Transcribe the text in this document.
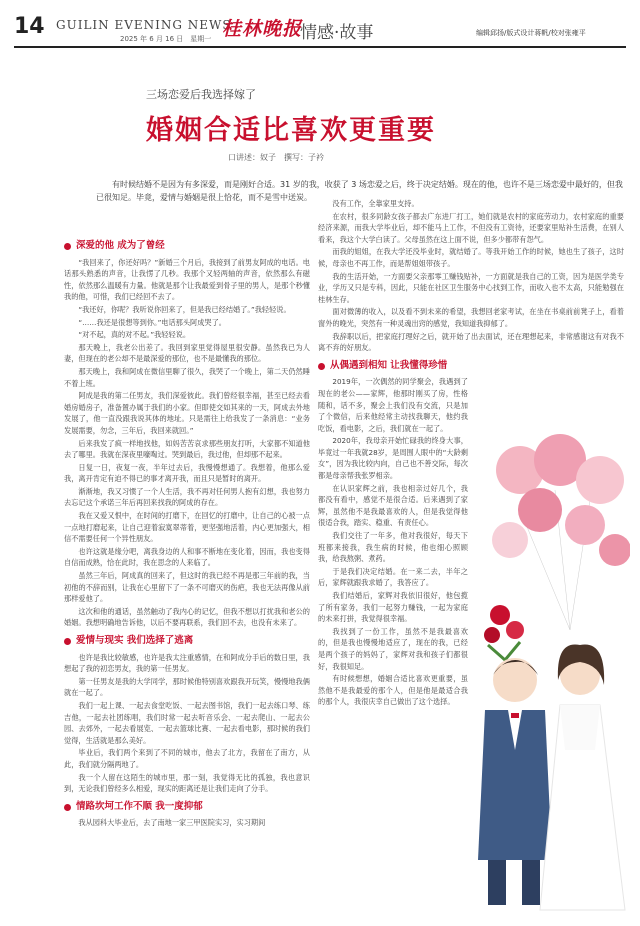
14 GUILIN EVENING NEWS
2025 年 6 月 16 日　星期一 桂林晚报
情感·故事	编辑邱扬/版式设计蒋帆/校对张雍平
三场恋爱后我选择嫁了
婚姻合适比喜欢更重要
口讲述：奴子　撰写：子衿
有时候结婚不是因为有多深爱，而是刚好合适。31 岁的我，收获了 3 场恋爱之后，终于决定结婚。现在的他，也许不是三场恋爱中最好的，但我已很知足。毕竟，爱情与婚姻是很上恰花，而不是雪中送炭。
深爱的他 成为了曾经

“我回来了，你还好吗？”新婚三个月后，我接到了前男友阿成的电话。电话那头熟悉的声音，让我愣了几秒。我那个又轻两轴的声音，依然那么有磁性，依然那么温暖有力量。他就是那个让我最爱到骨子里的男人，是那个秒懂我的他，可惜，我们已经回不去了。

“我还好，你呢？我听说你回来了，但是我已经结婚了。”我轻轻说。

“……我还是很想等到你。”电话那头阿成哭了。

“对不起，真的对不起。”我轻轻说。

那天晚上，我老公出差了。我回到家里觉得屋里很安静。虽然我已为人妻，但现在的老公却不是最深爱的那位，也不是最懂我的那位。

那天晚上，我和阿成在微信里聊了很久，我哭了一个晚上，第二天仍然睡不着上班。

阿成是我的第二任男友，我们深爱彼此。我们曾经很幸福，甚至已经去看婚房婚房子，准备置办属于我们的小家。但即使交如其来的一天，阿成去外地发展了，他一直没跟我说其体的地址。只是需往上给我发了一条消息：“业务发展需要，勿念，三年后，我回来就回。”

后来我发了疯一样地找他，如妈苦苦哀求那些朋友打听，大家都不知道他去了哪里。我就在深夜里嚎啕过。哭到最后，我过他，但却那不起来。

日复一日，夜复一夜，半年过去后，我慢慢想通了。我想着，他那么爱我，离开肯定有迫不得已的事才离开我，而且只是暂时的离开。

渐渐地，我又习惯了一个人生活，我不再对任何男人抱有幻想，我也努力去忘记这个承诺三年后再回来找我的阿成的存在。

我在又爱又恨中，在时间的打磨下，在回忆的打磨中，让自己的心被一点一点地打磨起来，让自己迎着寂寞翠蒂着，更坚强地活着，内心更加强大，相信不需要任何一个异性朋友。

也许这就是缘分吧，离我身边的人和事不断地在变化着，因而，我也变得自信而成熟，恰在此时，我在思念的人来临了。

虽然三年后，阿成真的回来了，但这时的我已经不再是那三年前的我，当初他的不辞而别，让我在心里留下了一条不可磨灭的伤疤，我也无法再像从前那样爱他了。

这次和他的通话，虽然触动了我内心的记忆，但我不想以打扰我和老公的婚姻。我想明确地告诉他，以后不要再联系，我们回不去，也没有未来了。

爱情与现实 我们选择了逃离

也许是我比较敏感，也许是我太注重感情，在和阿成分手后的数日里，我想起了我的初恋男友，我的第一任男友。

第一任男友是我的大学同学，那时候他特别喜欢跟我开玩笑，慢慢地我俩就在一起了。

我们一起上课、一起去食堂吃饭、一起去图书馆，我们一起去练口琴、练吉他，一起去社团练唱，我们时常一起去听音乐会、一起去爬山、一起去公园、去郊外，一起去看展览、一起去篮球比赛、一起去看电影，那时候的我们觉得，生活就是那么美好。

毕业后，我们两个来到了不同的城市，他去了北方，我留在了南方，从此，我们就分隔两地了。

我一个人留在这陌生的城市里，那一刻，我觉得无比的孤独，我也意识到，无论我们曾经多么相爱，现实的距离还是让我们走向了分手。

情路坎坷工作不顺 我一度抑郁

我从园科大毕业后，去了南地一家三甲医院实习，实习期间

没有工作，全靠家里支持。

在农村，很多同龄女孩子都去广东进厂打工，她们就是农村的家庭劳动力，农村家庭的重要经济来源，而我大学毕业后，却不能马上工作，不但没有工资待，还要家里贴补生活费，在别人看来，我这个大学白读了。父母虽然在这上面不说，但多少都带有怨气。

而我的姐姐，在我大学还没毕业时，就结婚了。等我开始工作的时候，她也生了孩子，这时候，母亲也不再工作，而是帮姐姐带孩子。

我的生活开始，一方面要父亲那零工赚钱贴补，一方面就是我自己的工资，因为是医学类专业，学历又只是专科，因此，只能在社区卫生服务中心找到工作，而收入也不太高，只能勉强在桂林生存。

面对微薄的收入，以及看不到未来的希望，我想回老家考试，在坐在书桌前前凳子上，看着窗外的晚光，突然有一种灵魂出窍的感觉，我知道我抑郁了。

我辞职以后，把家庭打理好之后，就开始了出去面试，还在理想起来，非常感谢这有对我不离不弃的好朋友。

从偶遇到相知 让我懂得珍惜

2019年，一次偶然的同学聚会，我遇到了现在的老公——家辉，他那时刚买了房，性格随和，话不多，聚会上我们没有交流，只是加了个微信，后来他经常主动找我聊天，他约我吃饭，看电影，之后，我们就在一起了。

2020年，我母亲开始忙碌我的终身大事，毕竟过一年我就28岁，是周围人眼中的“大龄剩女”，因为我比较内向，自己也不善交际，每次都是母亲帮我张罗相亲。

在认识家辉之前，我也相亲过好几个，我都没有看中，感觉不是很合适。后来遇到了家辉，虽然他不是我最喜欢的人，但是我觉得他很适合我，踏实、稳重、有责任心。

我们交往了一年多，他对我很好，每天下班都来接我，我生病的时候，他也细心照顾我，给我熬粥、煮药。

于是我们决定结婚。在一来二去，半年之后，家辉就跟我求婚了，我答应了。

我们结婚后，家辉对我依旧很好，他包揽了所有家务，我们一起努力赚钱，一起为家庭的未来打拼，我觉得很幸福。

我找到了一份工作，虽然不是我最喜欢的，但是我也慢慢地适应了，现在的我，已经是两个孩子的妈妈了，家辉对我和孩子们都很好，我很知足。

有时候想想，婚姻合适比喜欢更重要，虽然他不是我最爱的那个人，但是他是最适合我的那个人，我很庆幸自己做出了这个选择。
